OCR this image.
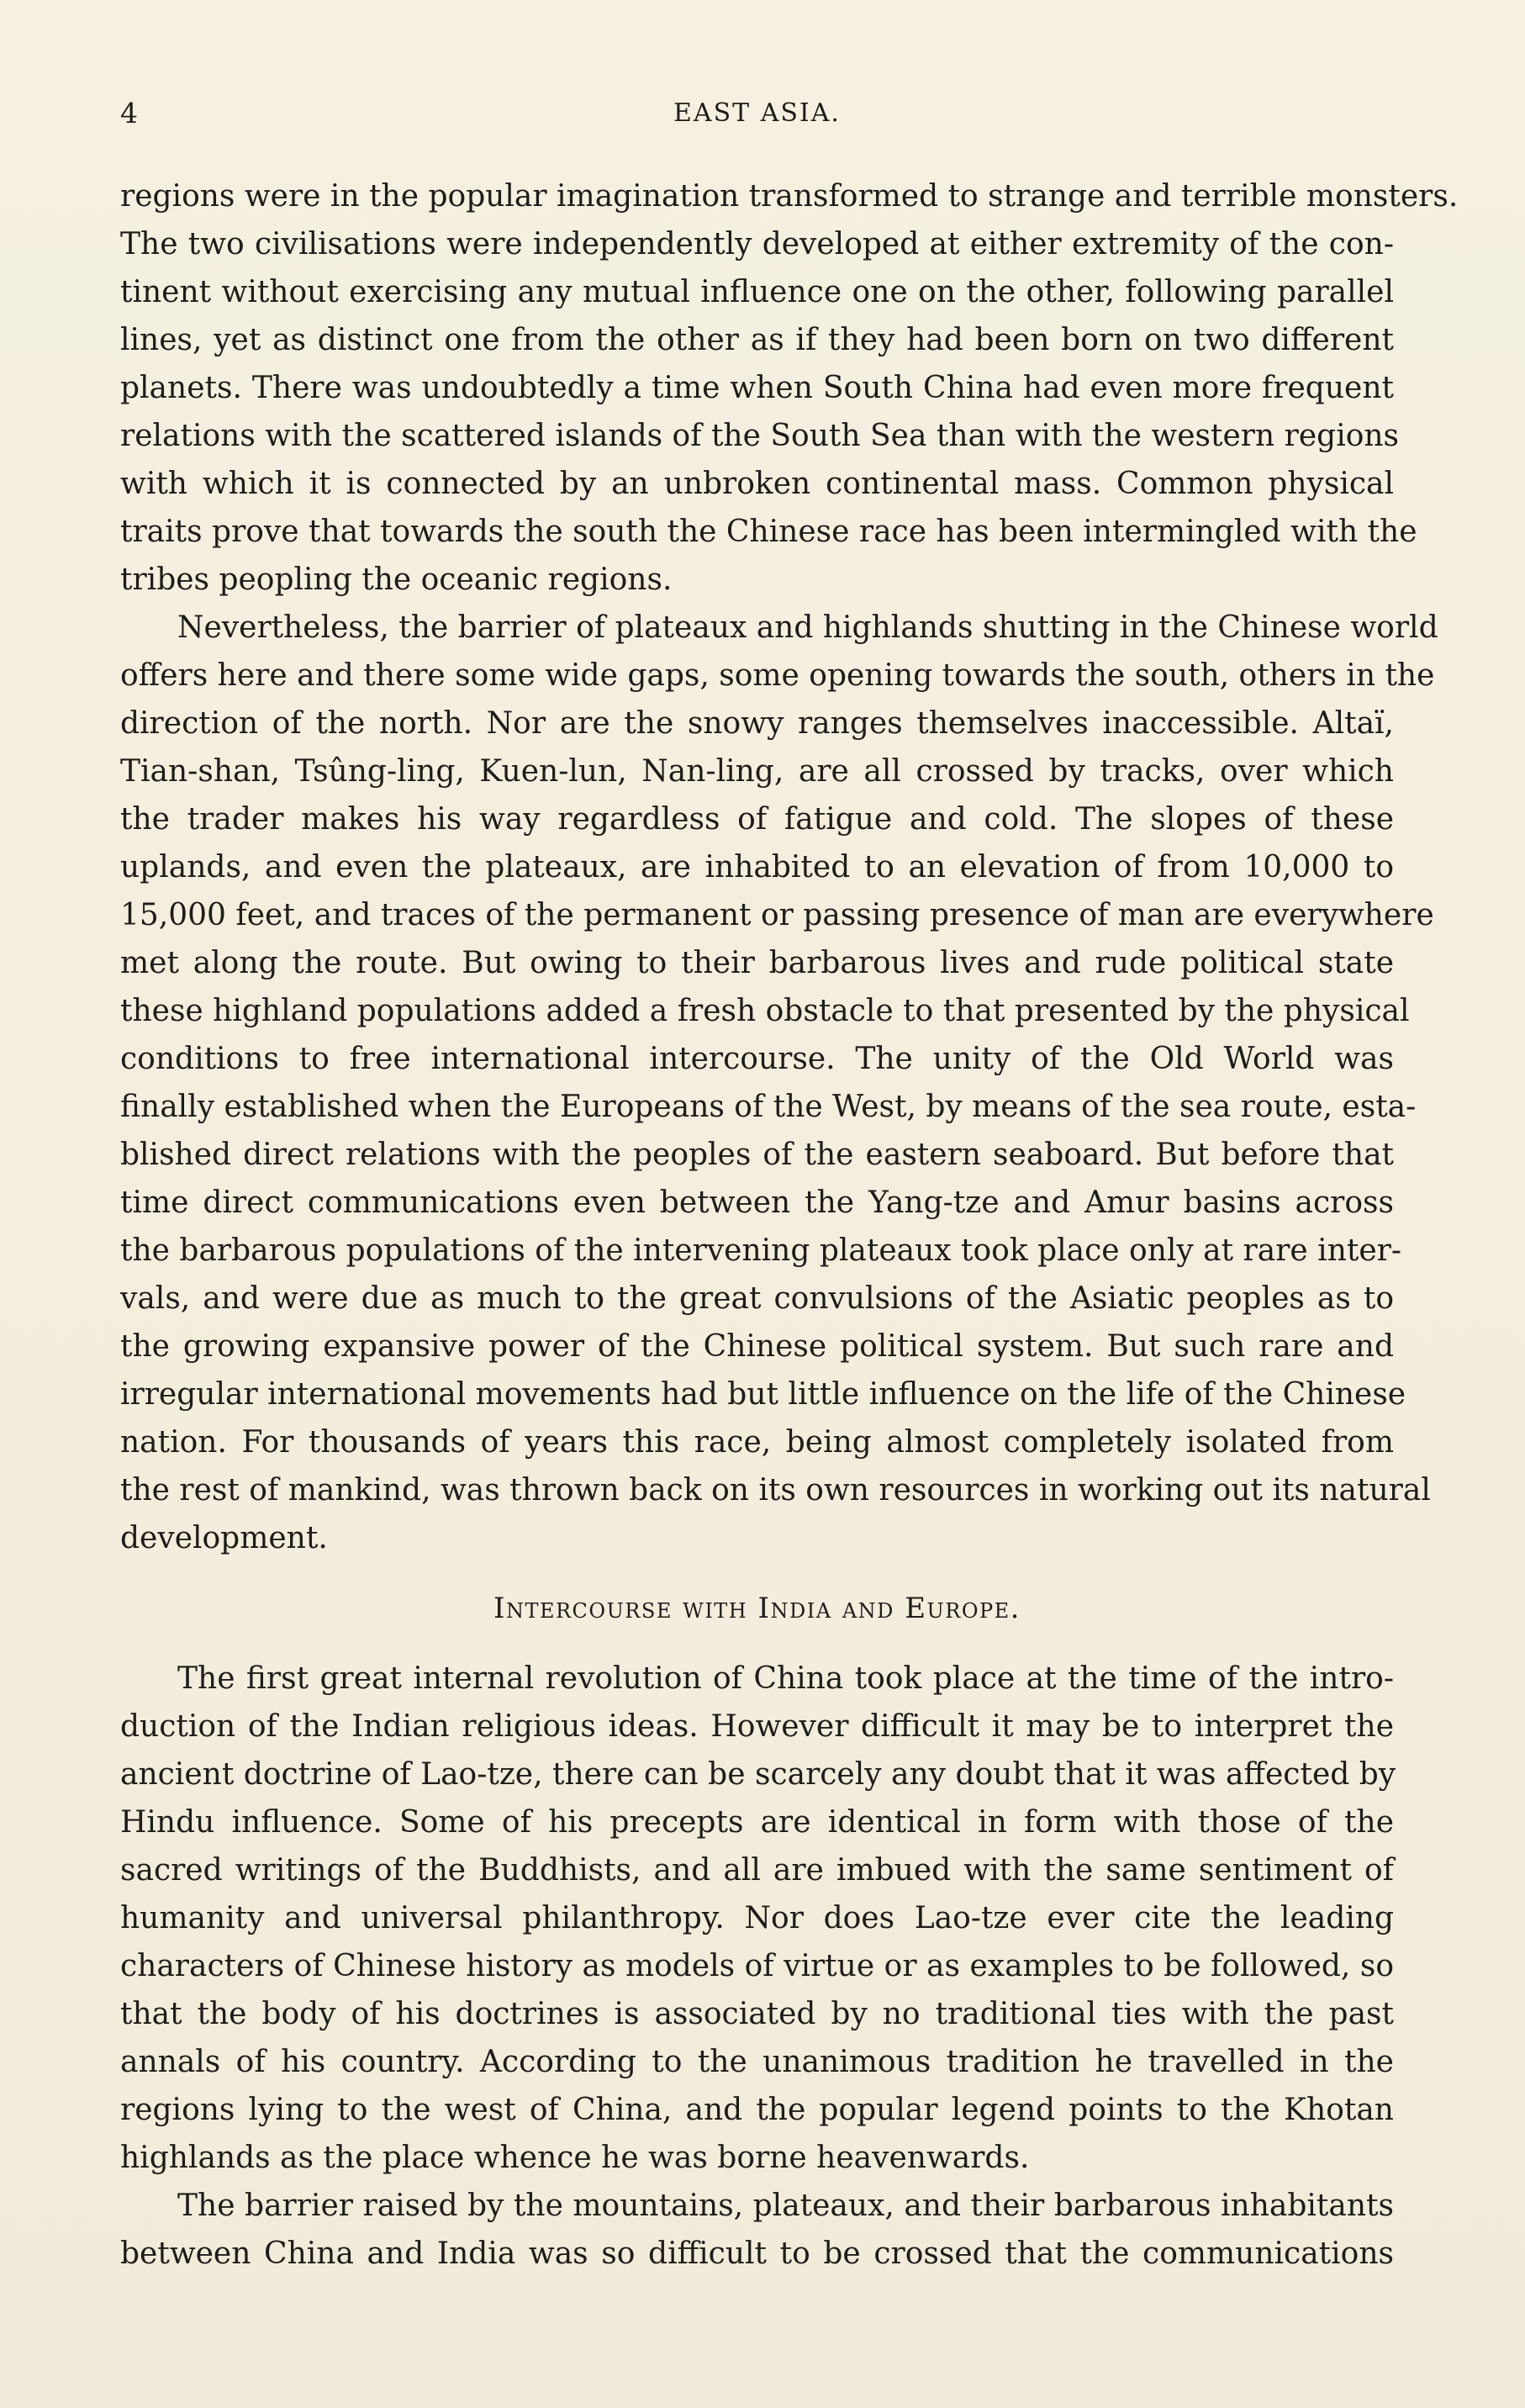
4	EAST ASIA.
regions were in the popular imagination transformed to strange and terrible monsters.
The two civilisations were independently developed at either extremity of the con-
tinent without exercising any mutual influence one on the other, following parallel
lines, yet as distinct one from the other as if they had been born on two different
planets. There was undoubtedly a time when South China had even more frequent
relations with the scattered islands of the South Sea than with the western regions
with which it is connected by an unbroken continental mass. Common physical
traits prove that towards the south the Chinese race has been intermingled with the
tribes peopling the oceanic regions.
Nevertheless, the barrier of plateaux and highlands shutting in the Chinese world
offers here and there some wide gaps, some opening towards the south, others in the
direction of the north. Nor are the snowy ranges themselves inaccessible. Altaï,
Tian-shan, Tsûng-ling, Kuen-lun, Nan-ling, are all crossed by tracks, over which
the trader makes his way regardless of fatigue and cold. The slopes of these
uplands, and even the plateaux, are inhabited to an elevation of from 10,000 to
15,000 feet, and traces of the permanent or passing presence of man are everywhere
met along the route. But owing to their barbarous lives and rude political state
these highland populations added a fresh obstacle to that presented by the physical
conditions to free international intercourse. The unity of the Old World was
finally established when the Europeans of the West, by means of the sea route, esta-
blished direct relations with the peoples of the eastern seaboard. But before that
time direct communications even between the Yang-tze and Amur basins across
the barbarous populations of the intervening plateaux took place only at rare inter-
vals, and were due as much to the great convulsions of the Asiatic peoples as to
the growing expansive power of the Chinese political system. But such rare and
irregular international movements had but little influence on the life of the Chinese
nation. For thousands of years this race, being almost completely isolated from
the rest of mankind, was thrown back on its own resources in working out its natural
development.
Intercourse with India and Europe.
The first great internal revolution of China took place at the time of the intro-
duction of the Indian religious ideas. However difficult it may be to interpret the
ancient doctrine of Lao-tze, there can be scarcely any doubt that it was affected by
Hindu influence. Some of his precepts are identical in form with those of the
sacred writings of the Buddhists, and all are imbued with the same sentiment of
humanity and universal philanthropy. Nor does Lao-tze ever cite the leading
characters of Chinese history as models of virtue or as examples to be followed, so
that the body of his doctrines is associated by no traditional ties with the past
annals of his country. According to the unanimous tradition he travelled in the
regions lying to the west of China, and the popular legend points to the Khotan
highlands as the place whence he was borne heavenwards.
The barrier raised by the mountains, plateaux, and their barbarous inhabitants
between China and India was so difficult to be crossed that the communications
